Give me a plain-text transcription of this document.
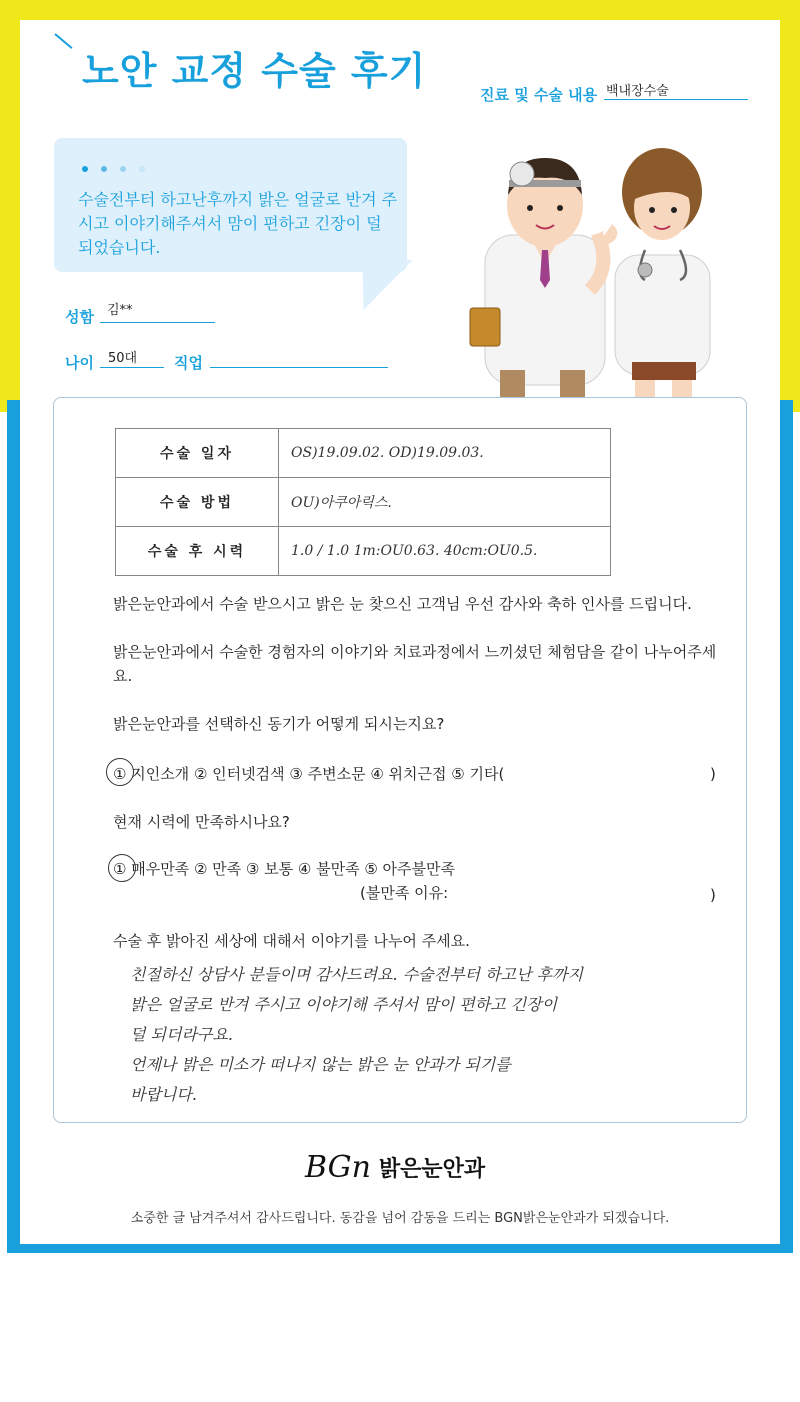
노안 교정 수술 후기
진료 및 수술 내용 백내장수술
수술전부터 하고난후까지 밝은 얼굴로 반겨 주시고 이야기해주셔서 맘이 편하고 긴장이 덜 되었습니다.
성함 김**
나이 50대 직업
수술 일자	OS)19.09.02. OD)19.09.03.
수술 방법	OU)아쿠아릭스.
수술 후 시력	1.0 / 1.0 1m:OU0.63. 40cm:OU0.5.
밝은눈안과에서 수술 받으시고 밝은 눈 찾으신 고객님 우선 감사와 축하 인사를 드립니다.
밝은눈안과에서 수술한 경험자의 이야기와 치료과정에서 느끼셨던 체험담을 같이 나누어주세요.
밝은눈안과를 선택하신 동기가 어떻게 되시는지요?
① 지인소개 ② 인터넷검색 ③ 주변소문 ④ 위치근접 ⑤ 기타(	)
현재 시력에 만족하시나요?
① 매우만족 ② 만족 ③ 보통 ④ 불만족 ⑤ 아주불만족
(불만족 이유:	)
수술 후 밝아진 세상에 대해서 이야기를 나누어 주세요.
친절하신 상담사 분들이며 감사드려요. 수술전부터 하고난 후까지
밝은 얼굴로 반겨 주시고 이야기해 주셔서 맘이 편하고 긴장이
덜 되더라구요.
언제나 밝은 미소가 떠나지 않는 밝은 눈 안과가 되기를
바랍니다.
BGn 밝은눈안과
소중한 글 남겨주셔서 감사드립니다. 동감을 넘어 감동을 드리는 BGN밝은눈안과가 되겠습니다.
